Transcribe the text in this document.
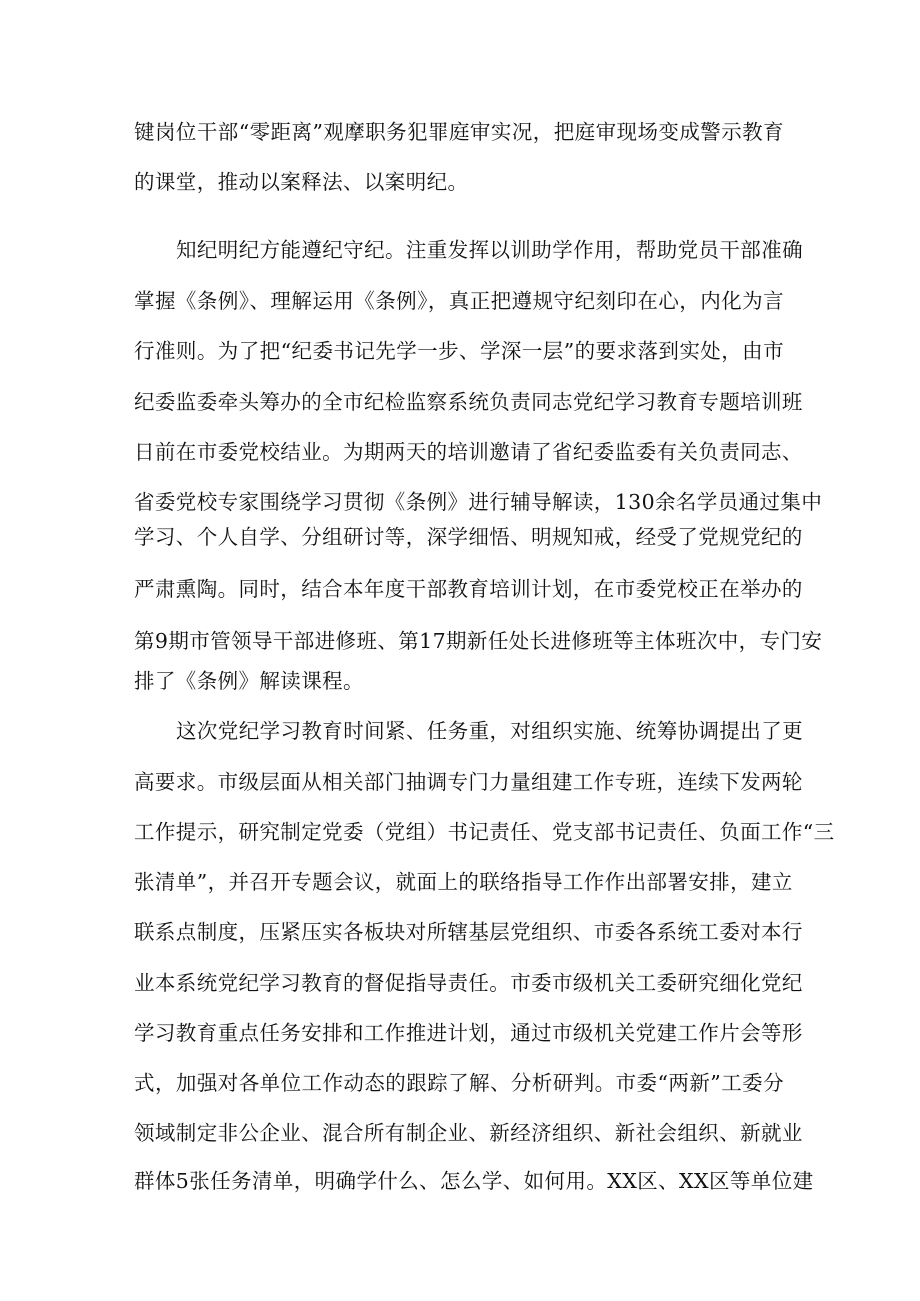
键岗位干部“零距离”观摩职务犯罪庭审实况，把庭审现场变成警示教育
的课堂，推动以案释法、以案明纪。
知纪明纪方能遵纪守纪。注重发挥以训助学作用，帮助党员干部准确
掌握《条例》、理解运用《条例》，真正把遵规守纪刻印在心，内化为言
行准则。为了把“纪委书记先学一步、学深一层”的要求落到实处，由市
纪委监委牵头筹办的全市纪检监察系统负责同志党纪学习教育专题培训班
日前在市委党校结业。为期两天的培训邀请了省纪委监委有关负责同志、
省委党校专家围绕学习贯彻《条例》进行辅导解读，130余名学员通过集中
学习、个人自学、分组研讨等，深学细悟、明规知戒，经受了党规党纪的
严肃熏陶。同时，结合本年度干部教育培训计划，在市委党校正在举办的
第9期市管领导干部进修班、第17期新任处长进修班等主体班次中，专门安
排了《条例》解读课程。
这次党纪学习教育时间紧、任务重，对组织实施、统筹协调提出了更
高要求。市级层面从相关部门抽调专门力量组建工作专班，连续下发两轮
工作提示，研究制定党委（党组）书记责任、党支部书记责任、负面工作“三
张清单”，并召开专题会议，就面上的联络指导工作作出部署安排，建立
联系点制度，压紧压实各板块对所辖基层党组织、市委各系统工委对本行
业本系统党纪学习教育的督促指导责任。市委市级机关工委研究细化党纪
学习教育重点任务安排和工作推进计划，通过市级机关党建工作片会等形
式，加强对各单位工作动态的跟踪了解、分析研判。市委“两新”工委分
领域制定非公企业、混合所有制企业、新经济组织、新社会组织、新就业
群体5张任务清单，明确学什么、怎么学、如何用。XX区、XX区等单位建
